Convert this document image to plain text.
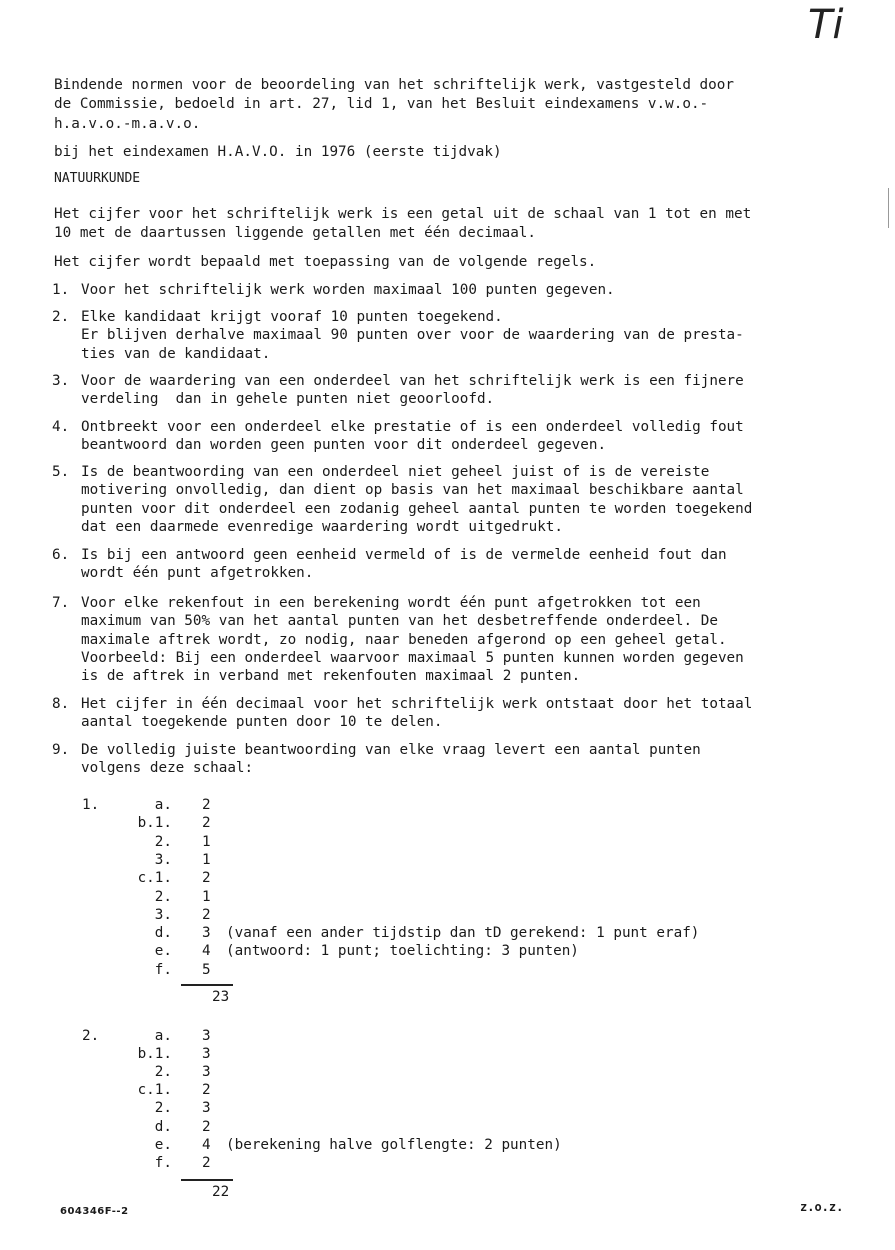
Ti
Bindende normen voor de beoordeling van het schriftelijk werk, vastgesteld door
de Commissie, bedoeld in art. 27, lid 1, van het Besluit eindexamens v.w.o.-
h.a.v.o.-m.a.v.o.
bij het eindexamen H.A.V.O. in 1976 (eerste tijdvak)
NATUURKUNDE
Het cijfer voor het schriftelijk werk is een getal uit de schaal van 1 tot en met
10 met de daartussen liggende getallen met één decimaal.
Het cijfer wordt bepaald met toepassing van de volgende regels.
1. Voor het schriftelijk werk worden maximaal 100 punten gegeven.
2. Elke kandidaat krijgt vooraf 10 punten toegekend.
Er blijven derhalve maximaal 90 punten over voor de waardering van de presta-
ties van de kandidaat.
3. Voor de waardering van een onderdeel van het schriftelijk werk is een fijnere
verdeling  dan in gehele punten niet geoorloofd.
4. Ontbreekt voor een onderdeel elke prestatie of is een onderdeel volledig fout
beantwoord dan worden geen punten voor dit onderdeel gegeven.
5. Is de beantwoording van een onderdeel niet geheel juist of is de vereiste
motivering onvolledig, dan dient op basis van het maximaal beschikbare aantal
punten voor dit onderdeel een zodanig geheel aantal punten te worden toegekend
dat een daarmede evenredige waardering wordt uitgedrukt.
6. Is bij een antwoord geen eenheid vermeld of is de vermelde eenheid fout dan
wordt één punt afgetrokken.
7. Voor elke rekenfout in een berekening wordt één punt afgetrokken tot een
maximum van 50% van het aantal punten van het desbetreffende onderdeel. De
maximale aftrek wordt, zo nodig, naar beneden afgerond op een geheel getal.
Voorbeeld: Bij een onderdeel waarvoor maximaal 5 punten kunnen worden gegeven
is de aftrek in verband met rekenfouten maximaal 2 punten.
8. Het cijfer in één decimaal voor het schriftelijk werk ontstaat door het totaal
aantal toegekende punten door 10 te delen.
9. De volledig juiste beantwoording van elke vraag levert een aantal punten
volgens deze schaal:
1.	a. 2
b.1. 2
2. 1
3. 1
c.1. 2
2. 1
3. 2
d. 3 (vanaf een ander tijdstip dan tD gerekend: 1 punt eraf)
e. 4 (antwoord: 1 punt; toelichting: 3 punten)
f. 5
23
2.	a. 3
b.1. 3
2. 3
c.1. 2
2. 3
d. 2
e. 4 (berekening halve golflengte: 2 punten)
f. 2
22
604346F--2	z.o.z.
